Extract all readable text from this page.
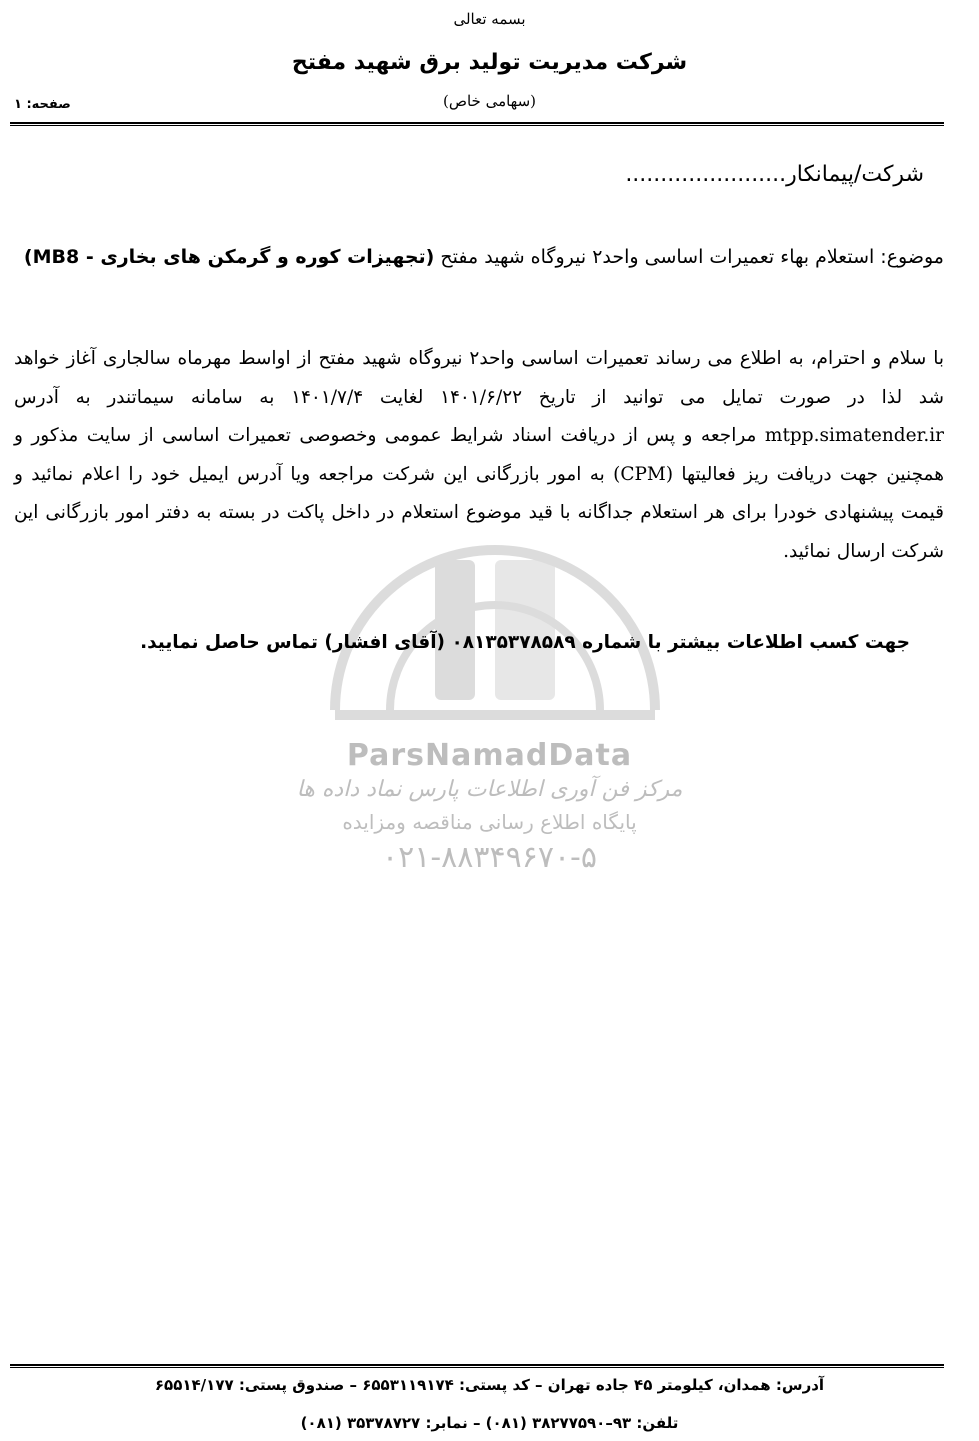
ParsNamadData
مرکز فن آوری اطلاعات پارس نماد داده ها
پایگاه اطلاع رسانی مناقصه ومزایده
۰۲۱-۸۸۳۴۹۶۷۰-۵
بسمه تعالی
شرکت مدیریت تولید برق شهید مفتح
(سهامی خاص)
صفحه: ۱
شرکت/پیمانکار.......................
موضوع: استعلام بهاء تعمیرات اساسی واحد۲ نیروگاه شهید مفتح (تجهیزات کوره و گرمکن های بخاری - MB8)
با سلام و احترام، به اطلاع می رساند تعمیرات اساسی واحد۲ نیروگاه شهید مفتح از اواسط مهرماه سالجاری آغاز خواهد شد لذا در صورت تمایل می توانید از تاریخ ۱۴۰۱/۶/۲۲ لغایت ۱۴۰۱/۷/۴ به سامانه سیماتندر به آدرس mtpp.simatender.ir مراجعه و پس از دریافت اسناد شرایط عمومی وخصوصی تعمیرات اساسی از سایت مذکور و همچنین جهت دریافت ریز فعالیتها (CPM) به امور بازرگانی این شرکت مراجعه ویا آدرس ایمیل خود را اعلام نمائید و قیمت پیشنهادی خودرا برای هر استعلام جداگانه با قید موضوع استعلام در داخل پاکت در بسته به دفتر امور بازرگانی این شرکت ارسال نمائید.
جهت کسب اطلاعات بیشتر با شماره ۰۸۱۳۵۳۷۸۵۸۹ (آقای افشار) تماس حاصل نمایید.
آدرس: همدان، کیلومتر ۴۵ جاده تهران – کد پستی: ۶۵۵۳۱۱۹۱۷۴ – صندوق پستی: ۶۵۵۱۴/۱۷۷
تلفن: ۹۳–۳۸۲۷۷۵۹۰ (۰۸۱) – نمابر: ۳۵۳۷۸۷۲۷ (۰۸۱)
